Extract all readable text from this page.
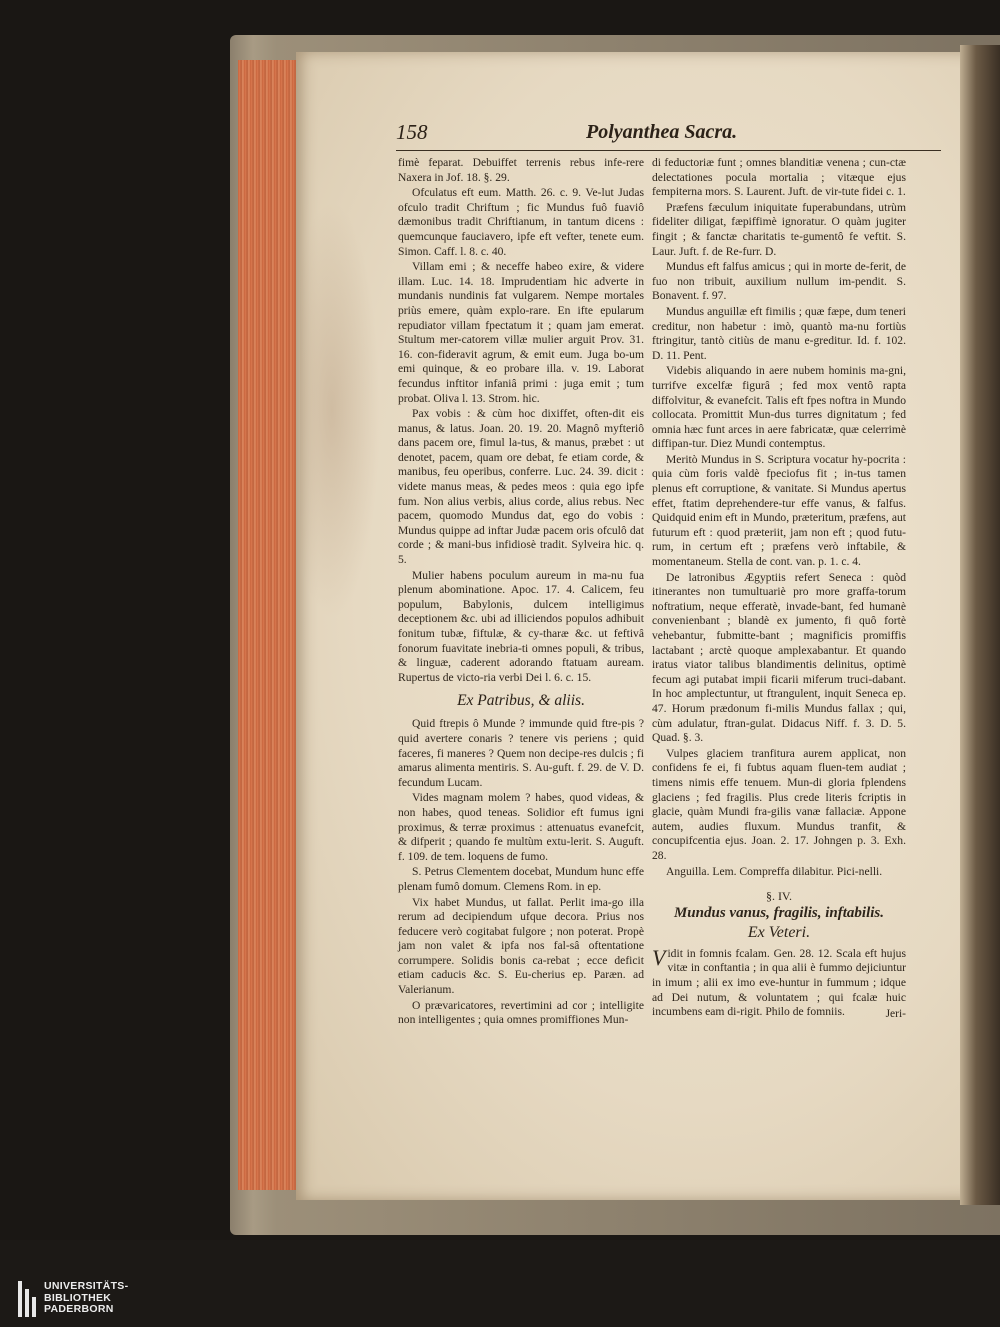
158	Polyanthea Sacra.

fimè feparat. Debuiffet terrenis rebus infe-rere Naxera in Jof. 18. §. 29.

Ofculatus eft eum. Matth. 26. c. 9. Ve-lut Judas ofculo tradit Chriftum ; fic Mundus fuô fuaviô dæmonibus tradit Chriftianum, in tantum dicens : quemcunque fauciavero, ipfe eft vefter, tenete eum. Simon. Caff. l. 8. c. 40.

Villam emi ; & neceffe habeo exire, & videre illam. Luc. 14. 18. Imprudentiam hic adverte in mundanis nundinis fat vulgarem. Nempe mortales priùs emere, quàm explo-rare. En ifte epularum repudiator villam fpectatum it ; quam jam emerat. Stultum mer-catorem villæ mulier arguit Prov. 31. 16. con-fideravit agrum, & emit eum. Juga bo-um emi quinque, & eo probare illa. v. 19. Laborat fecundus inftitor infaniâ primi : juga emit ; tum probat. Oliva l. 13. Strom. hic.

Pax vobis : & cùm hoc dixiffet, often-dit eis manus, & latus. Joan. 20. 19. 20. Magnô myfteriô dans pacem ore, fimul la-tus, & manus, præbet : ut denotet, pacem, quam ore debat, fe etiam corde, & manibus, feu operibus, conferre. Luc. 24. 39. dicit : videte manus meas, & pedes meos : quia ego ipfe fum. Non alius verbis, alius corde, alius rebus. Nec pacem, quomodo Mundus dat, ego do vobis : Mundus quippe ad inftar Judæ pacem oris ofculô dat corde ; & mani-bus infidiosè tradit. Sylveira hic. q. 5.

Mulier habens poculum aureum in ma-nu fua plenum abominatione. Apoc. 17. 4. Calicem, feu populum, Babylonis, dulcem intelligimus deceptionem &c. ubi ad illiciendos populos adhibuit fonitum tubæ, fiftulæ, & cy-tharæ &c. ut feftivâ fonorum fuavitate inebria-ti omnes populi, & tribus, & linguæ, caderent adorando ftatuam auream. Rupertus de victo-ria verbi Dei l. 6. c. 15.

Ex Patribus, & aliis.

Quid ftrepis ô Munde ? immunde quid ftre-pis ? quid avertere conaris ? tenere vis periens ; quid faceres, fi maneres ? Quem non decipe-res dulcis ; fi amarus alimenta mentiris. S. Au-guft. f. 29. de V. D. fecundum Lucam.

Vides magnam molem ? habes, quod videas, & non habes, quod teneas. Solidior eft fumus igni proximus, & terræ proximus : attenuatus evanefcit, & difperit ; quando fe multùm extu-lerit. S. Auguft. f. 109. de tem. loquens de fumo.

S. Petrus Clementem docebat, Mundum hunc effe plenam fumô domum. Clemens Rom. in ep.

Vix habet Mundus, ut fallat. Perlit ima-go illa rerum ad decipiendum ufque decora. Prius nos feducere verò cogitabat fulgore ; non poterat. Propè jam non valet & ipfa nos fal-sâ oftentatione corrumpere. Solidis bonis ca-rebat ; ecce deficit etiam caducis &c. S. Eu-cherius ep. Paræn. ad Valerianum.

O prævaricatores, revertimini ad cor ; intelligite non intelligentes ; quia omnes promiffiones Mun-

di feductoriæ funt ; omnes blanditiæ venena ; cun-ctæ delectationes pocula mortalia ; vitæque ejus fempiterna mors. S. Laurent. Juft. de vir-tute fidei c. 1.

Præfens fæculum iniquitate fuperabundans, utrùm fideliter diligat, fæpiffimè ignoratur. O quàm jugiter fingit ; & fanctæ charitatis te-gumentô fe veftit. S. Laur. Juft. f. de Re-furr. D.

Mundus eft falfus amicus ; qui in morte de-ferit, de fuo non tribuit, auxilium nullum im-pendit. S. Bonavent. f. 97.

Mundus anguillæ eft fimilis ; quæ fæpe, dum teneri creditur, non habetur : imò, quantò ma-nu fortiùs ftringitur, tantò citiùs de manu e-greditur. Id. f. 102. D. 11. Pent.

Videbis aliquando in aere nubem hominis ma-gni, turrifve excelfæ figurâ ; fed mox ventô rapta diffolvitur, & evanefcit. Talis eft fpes noftra in Mundo collocata. Promittit Mun-dus turres dignitatum ; fed omnia hæc funt arces in aere fabricatæ, quæ celerrimè diffipan-tur. Diez Mundi contemptus.

Meritò Mundus in S. Scriptura vocatur hy-pocrita : quia cùm foris valdè fpeciofus fit ; in-tus tamen plenus eft corruptione, & vanitate. Si Mundus apertus effet, ftatim deprehendere-tur effe vanus, & falfus. Quidquid enim eft in Mundo, præteritum, præfens, aut futurum eft : quod præteriit, jam non eft ; quod futu-rum, in certum eft ; præfens verò inftabile, & momentaneum. Stella de cont. van. p. 1. c. 4.

De latronibus Ægyptiis refert Seneca : quòd itinerantes non tumultuariè pro more graffa-torum noftratium, neque efferatè, invade-bant, fed humanè convenienbant ; blandè ex jumento, fi quô fortè vehebantur, fubmitte-bant ; magnificis promiffis lactabant ; arctè quoque amplexabantur. Et quando iratus viator talibus blandimentis delinitus, optimè fecum agi putabat impii ficarii miferum truci-dabant. In hoc amplectuntur, ut ftrangulent, inquit Seneca ep. 47. Horum prædonum fi-milis Mundus fallax ; qui, cùm adulatur, ftran-gulat. Didacus Niff. f. 3. D. 5. Quad. §. 3.

Vulpes glaciem tranfitura aurem applicat, non confidens fe ei, fi fubtus aquam fluen-tem audiat ; timens nimis effe tenuem. Mun-di gloria fplendens glaciens ; fed fragilis. Plus crede literis fcriptis in glacie, quàm Mundi fra-gilis vanæ fallaciæ. Appone autem, audies fluxum. Mundus tranfit, & concupifcentia ejus. Joan. 2. 17. Johngen p. 3. Exh. 28.

Anguilla. Lem. Compreffa dilabitur. Pici-nelli.

§. IV.
Mundus vanus, fragilis, inftabilis.
Ex Veteri.

Vidit in fomnis fcalam. Gen. 28. 12. Scala eft hujus vitæ in conftantia ; in qua alii è fummo dejiciuntur in imum ; alii ex imo eve-huntur in fummum ; idque ad Dei nutum, & voluntatem ; qui fcalæ huic incumbens eam di-rigit. Philo de fomniis.	Jeri-
UNIVERSITÄTS-
BIBLIOTHEK
PADERBORN
